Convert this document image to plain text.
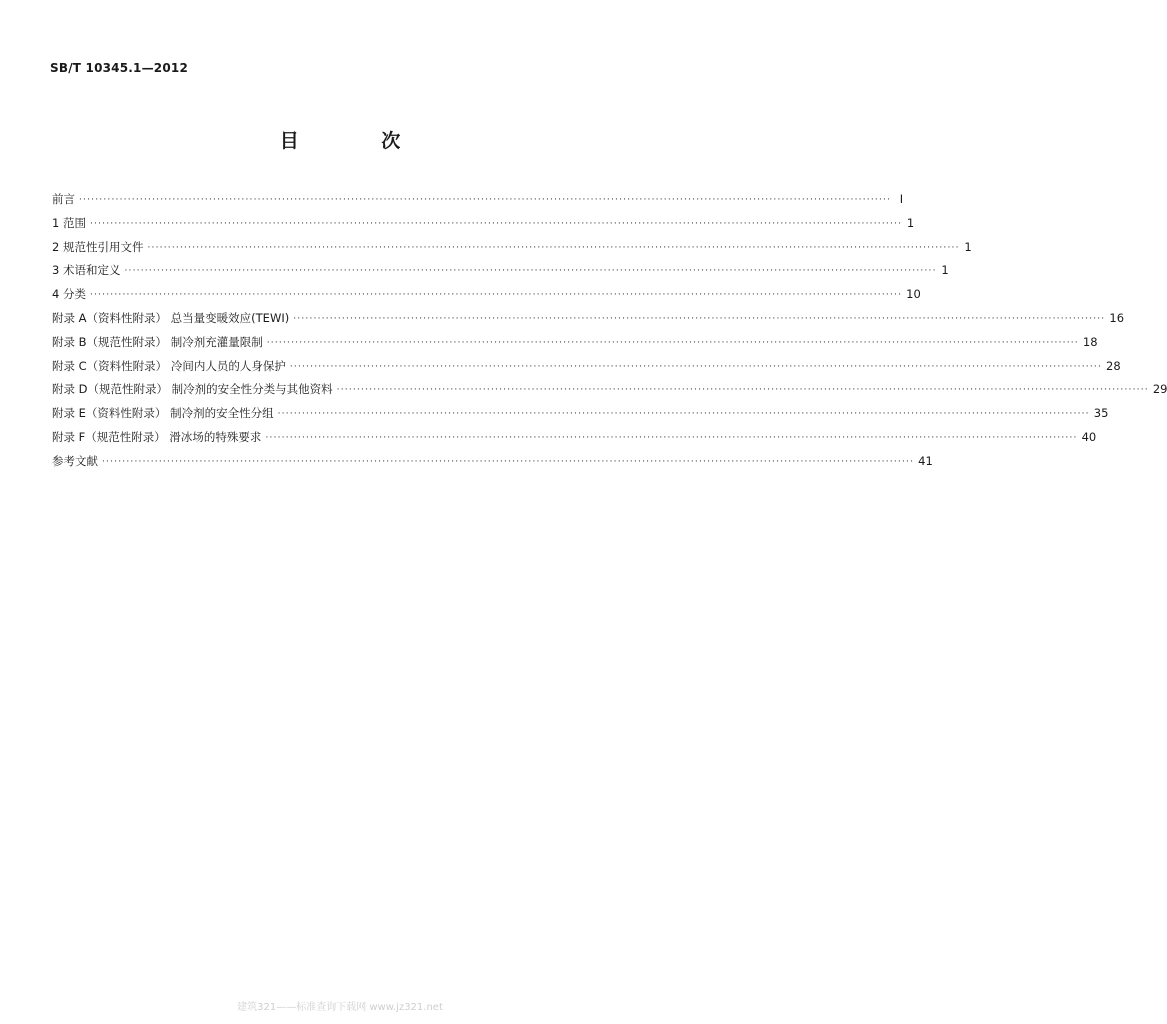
SB/T 10345.1—2012
目 次
前言 ········································································································································································································ Ⅰ
1 范围 ········································································································································································································ 1
2 规范性引用文件 ········································································································································································································ 1
3 术语和定义 ········································································································································································································ 1
4 分类 ········································································································································································································ 10
附录 A（资料性附录） 总当量变暖效应(TEWI) ········································································································································································································ 16
附录 B（规范性附录） 制冷剂充灌量限制 ········································································································································································································ 18
附录 C（资料性附录） 冷间内人员的人身保护 ········································································································································································································ 28
附录 D（规范性附录） 制冷剂的安全性分类与其他资料 ········································································································································································································ 29
附录 E（资料性附录） 制冷剂的安全性分组 ········································································································································································································ 35
附录 F（规范性附录） 滑冰场的特殊要求 ········································································································································································································ 40
参考文献 ········································································································································································································ 41
建筑321——标准查询下载网 www.jz321.net
